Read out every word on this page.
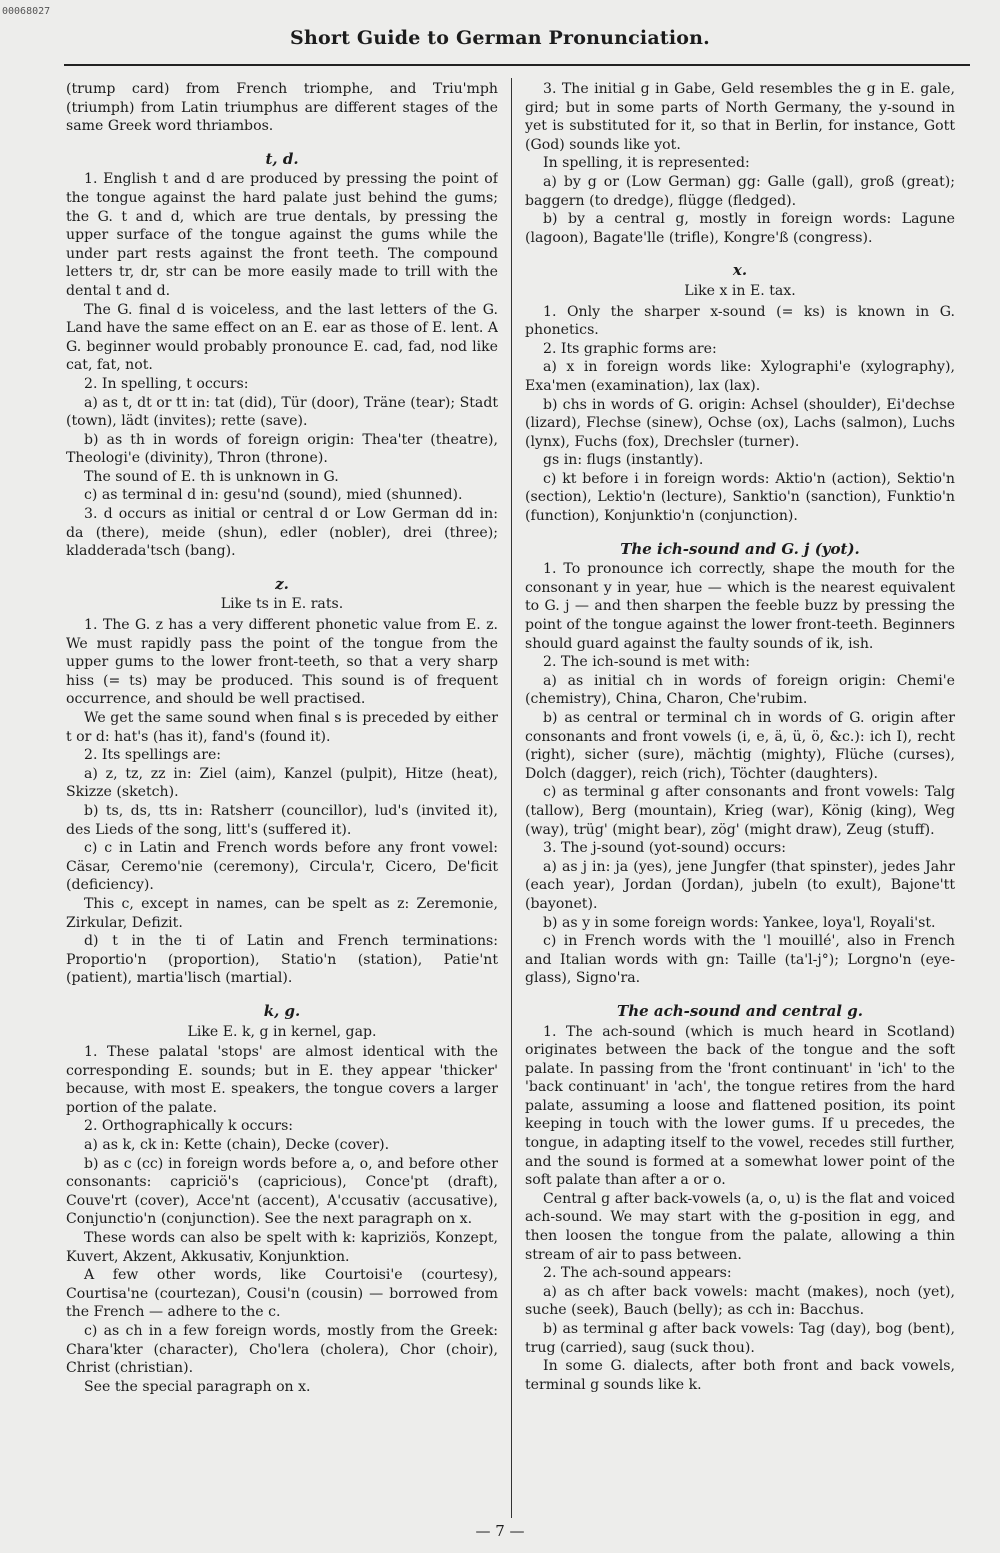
00068027
Short Guide to German Pronunciation.

(trump card) from French triomphe, and Triu'mph (triumph) from Latin triumphus are different stages of the same Greek word thriambos.

t, d.

1. English t and d are produced by pressing the point of the tongue against the hard palate just behind the gums; the G. t and d, which are true dentals, by pressing the upper surface of the tongue against the gums while the under part rests against the front teeth. The compound letters tr, dr, str can be more easily made to trill with the dental t and d.

The G. final d is voiceless, and the last letters of the G. Land have the same effect on an E. ear as those of E. lent. A G. beginner would probably pronounce E. cad, fad, nod like cat, fat, not.

2. In spelling, t occurs:

a) as t, dt or tt in: tat (did), Tür (door), Träne (tear); Stadt (town), lädt (invites); rette (save).

b) as th in words of foreign origin: Thea'ter (theatre), Theologi'e (divinity), Thron (throne).

The sound of E. th is unknown in G.

c) as terminal d in: gesu'nd (sound), mied (shunned).

3. d occurs as initial or central d or Low German dd in: da (there), meide (shun), edler (nobler), drei (three); kladderada'tsch (bang).

z.
Like ts in E. rats.

1. The G. z has a very different phonetic value from E. z. We must rapidly pass the point of the tongue from the upper gums to the lower front-teeth, so that a very sharp hiss (= ts) may be produced. This sound is of frequent occurrence, and should be well practised.

We get the same sound when final s is preceded by either t or d: hat's (has it), fand's (found it).

2. Its spellings are:

a) z, tz, zz in: Ziel (aim), Kanzel (pulpit), Hitze (heat), Skizze (sketch).

b) ts, ds, tts in: Ratsherr (councillor), lud's (invited it), des Lieds of the song, litt's (suffered it).

c) c in Latin and French words before any front vowel: Cäsar, Ceremo'nie (ceremony), Circula'r, Cicero, De'ficit (deficiency).

This c, except in names, can be spelt as z: Zeremonie, Zirkular, Defizit.

d) t in the ti of Latin and French terminations: Proportio'n (proportion), Statio'n (station), Patie'nt (patient), martia'lisch (martial).

k, g.
Like E. k, g in kernel, gap.

1. These palatal 'stops' are almost identical with the corresponding E. sounds; but in E. they appear 'thicker' because, with most E. speakers, the tongue covers a larger portion of the palate.

2. Orthographically k occurs:

a) as k, ck in: Kette (chain), Decke (cover).

b) as c (cc) in foreign words before a, o, and before other consonants: capriciö's (capricious), Conce'pt (draft), Couve'rt (cover), Acce'nt (accent), A'ccusativ (accusative), Conjunctio'n (conjunction). See the next paragraph on x.

These words can also be spelt with k: kapriziös, Konzept, Kuvert, Akzent, Akkusativ, Konjunktion.

A few other words, like Courtoisi'e (courtesy), Courtisa'ne (courtezan), Cousi'n (cousin) — borrowed from the French — adhere to the c.

c) as ch in a few foreign words, mostly from the Greek: Chara'kter (character), Cho'lera (cholera), Chor (choir), Christ (christian).

See the special paragraph on x.

3. The initial g in Gabe, Geld resembles the g in E. gale, gird; but in some parts of North Germany, the y-sound in yet is substituted for it, so that in Berlin, for instance, Gott (God) sounds like yot.

In spelling, it is represented:

a) by g or (Low German) gg: Galle (gall), groß (great); baggern (to dredge), flügge (fledged).

b) by a central g, mostly in foreign words: Lagune (lagoon), Bagate'lle (trifle), Kongre'ß (congress).

x.
Like x in E. tax.

1. Only the sharper x-sound (= ks) is known in G. phonetics.

2. Its graphic forms are:

a) x in foreign words like: Xylographi'e (xylography), Exa'men (examination), lax (lax).

b) chs in words of G. origin: Achsel (shoulder), Ei'dechse (lizard), Flechse (sinew), Ochse (ox), Lachs (salmon), Luchs (lynx), Fuchs (fox), Drechsler (turner).

gs in: flugs (instantly).

c) kt before i in foreign words: Aktio'n (action), Sektio'n (section), Lektio'n (lecture), Sanktio'n (sanction), Funktio'n (function), Konjunktio'n (conjunction).

The ich-sound and G. j (yot).

1. To pronounce ich correctly, shape the mouth for the consonant y in year, hue — which is the nearest equivalent to G. j — and then sharpen the feeble buzz by pressing the point of the tongue against the lower front-teeth. Beginners should guard against the faulty sounds of ik, ish.

2. The ich-sound is met with:

a) as initial ch in words of foreign origin: Chemi'e (chemistry), China, Charon, Che'rubim.

b) as central or terminal ch in words of G. origin after consonants and front vowels (i, e, ä, ü, ö, &c.): ich I), recht (right), sicher (sure), mächtig (mighty), Flüche (curses), Dolch (dagger), reich (rich), Töchter (daughters).

c) as terminal g after consonants and front vowels: Talg (tallow), Berg (mountain), Krieg (war), König (king), Weg (way), trüg' (might bear), zög' (might draw), Zeug (stuff).

3. The j-sound (yot-sound) occurs:

a) as j in: ja (yes), jene Jungfer (that spinster), jedes Jahr (each year), Jordan (Jordan), jubeln (to exult), Bajone'tt (bayonet).

b) as y in some foreign words: Yankee, loya'l, Royali'st.

c) in French words with the 'l mouillé', also in French and Italian words with gn: Taille (ta'l-j°); Lorgno'n (eye-glass), Signo'ra.

The ach-sound and central g.

1. The ach-sound (which is much heard in Scotland) originates between the back of the tongue and the soft palate. In passing from the 'front continuant' in 'ich' to the 'back continuant' in 'ach', the tongue retires from the hard palate, assuming a loose and flattened position, its point keeping in touch with the lower gums. If u precedes, the tongue, in adapting itself to the vowel, recedes still further, and the sound is formed at a somewhat lower point of the soft palate than after a or o.

Central g after back-vowels (a, o, u) is the flat and voiced ach-sound. We may start with the g-position in egg, and then loosen the tongue from the palate, allowing a thin stream of air to pass between.

2. The ach-sound appears:

a) as ch after back vowels: macht (makes), noch (yet), suche (seek), Bauch (belly); as cch in: Bacchus.

b) as terminal g after back vowels: Tag (day), bog (bent), trug (carried), saug (suck thou).

In some G. dialects, after both front and back vowels, terminal g sounds like k.

— 7 —
